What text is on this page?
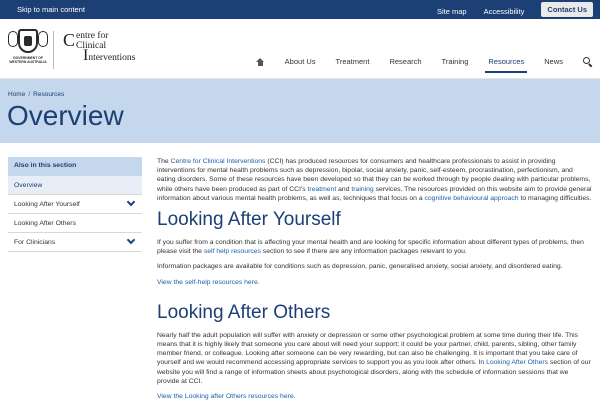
Skip to main content	Site map Accessibility	Contact Us
GOVERNMENT OF
WESTERN AUSTRALIA
C entre for
Clinical
Interventions	About Us	Treatment	Research	Training	Resources	News
Home / Resources
Overview
Also in this section
Overview
Looking After Yourself
Looking After Others
For Clinicians

The Centre for Clinical Interventions (CCI) has produced resources for consumers and healthcare professionals to assist in providing interventions for mental health problems such as depression, bipolar, social anxiety, panic, self-esteem, procrastination, perfectionism, and eating disorders. Some of these resources have been developed so that they can be worked through by people dealing with particular problems, while others have been produced as part of CCI's treatment and training services. The resources provided on this website aim to provide general information about various mental health problems, as well as, techniques that focus on a cognitive behavioural approach to managing difficulties.

Looking After Yourself

If you suffer from a condition that is affecting your mental health and are looking for specific information about different types of problems, then please visit the self help resources section to see if there are any information packages relevant to you.

Information packages are available for conditions such as depression, panic, generalised anxiety, social anxiety, and disordered eating.

View the self-help resources here.

Looking After Others

Nearly half the adult population will suffer with anxiety or depression or some other psychological problem at some time during their life. This means that it is highly likely that someone you care about will need your support; it could be your partner, child, parents, sibling, other family member friend, or colleague. Looking after someone can be very rewarding, but can also be challenging. It is important that you take care of yourself and we would recommend accessing appropriate services to support you as you look after others. In Looking After Others section of our website you will find a range of information sheets about psychological disorders, along with the schedule of information sessions that we provide at CCI.

View the Looking after Others resources here.
